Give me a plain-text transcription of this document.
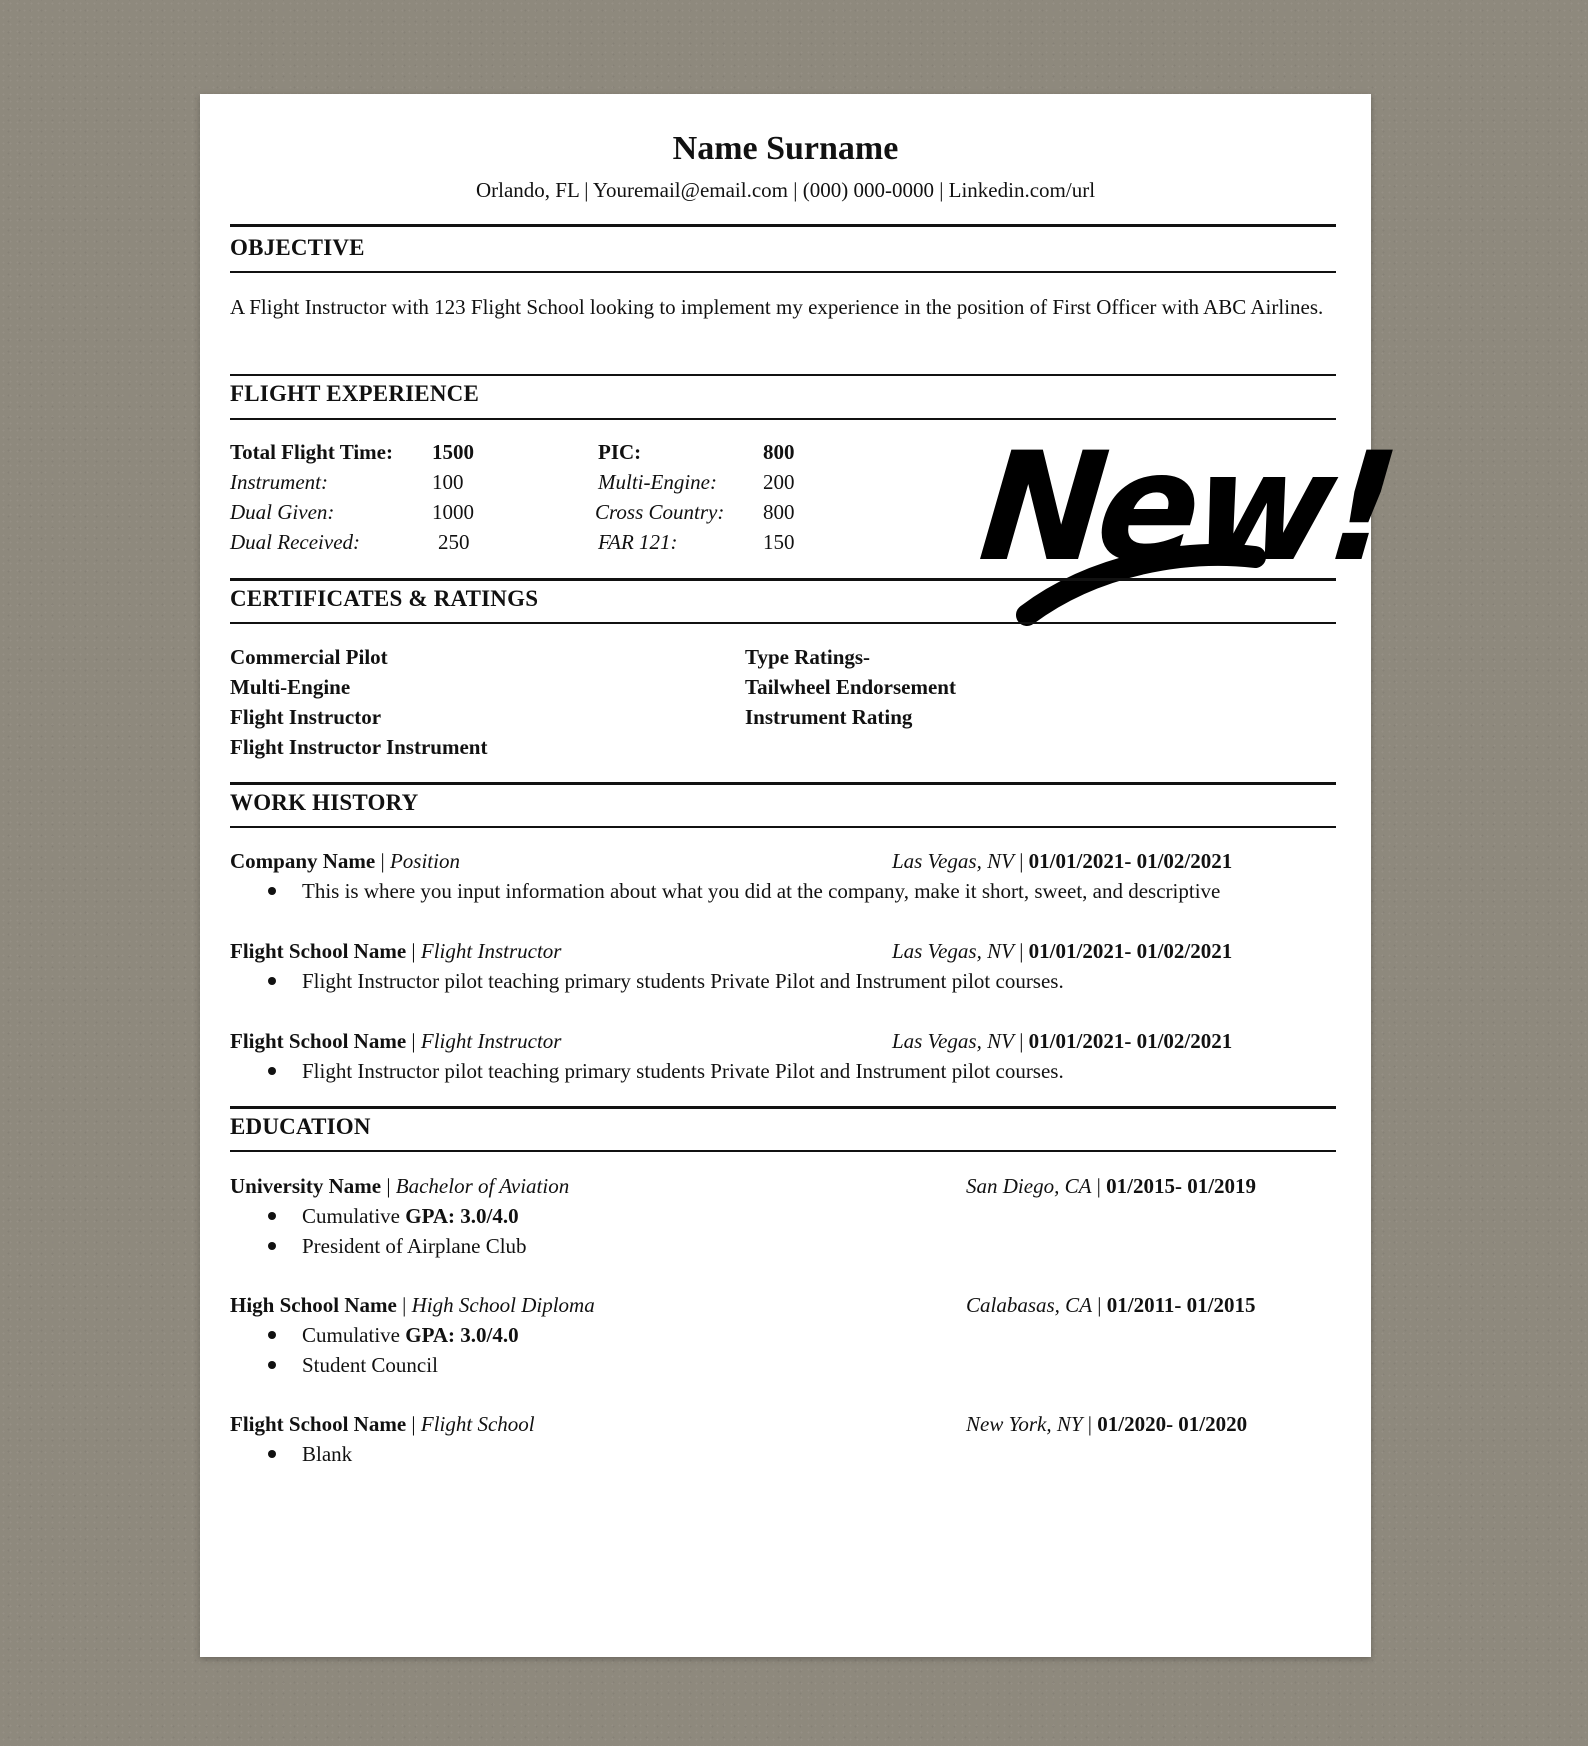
Name Surname
Orlando, FL | Youremail@email.com | (000) 000-0000 | Linkedin.com/url
OBJECTIVE
A Flight Instructor with 123 Flight School looking to implement my experience in the position of First Officer with ABC Airlines.
FLIGHT EXPERIENCE
Total Flight Time: 1500	PIC:	800
Instrument:	100	Multi-Engine: 200
Dual Given:	1000	Cross Country: 800
Dual Received:	250	FAR 121:	150 New!
CERTIFICATES & RATINGS
Commercial Pilot
Multi-Engine
Flight Instructor
Flight Instructor Instrument
Type Ratings-
Tailwheel Endorsement
Instrument Rating
WORK HISTORY
Company Name | Position	Las Vegas, NV | 01/01/2021- 01/02/2021
This is where you input information about what you did at the company, make it short, sweet, and descriptive
Flight School Name | Flight Instructor	Las Vegas, NV | 01/01/2021- 01/02/2021
Flight Instructor pilot teaching primary students Private Pilot and Instrument pilot courses.
Flight School Name | Flight Instructor	Las Vegas, NV | 01/01/2021- 01/02/2021
Flight Instructor pilot teaching primary students Private Pilot and Instrument pilot courses.
EDUCATION
University Name | Bachelor of Aviation	San Diego, CA | 01/2015- 01/2019
Cumulative GPA: 3.0/4.0
President of Airplane Club
High School Name | High School Diploma	Calabasas, CA | 01/2011- 01/2015
Cumulative GPA: 3.0/4.0
Student Council
Flight School Name | Flight School	New York, NY | 01/2020- 01/2020
Blank
